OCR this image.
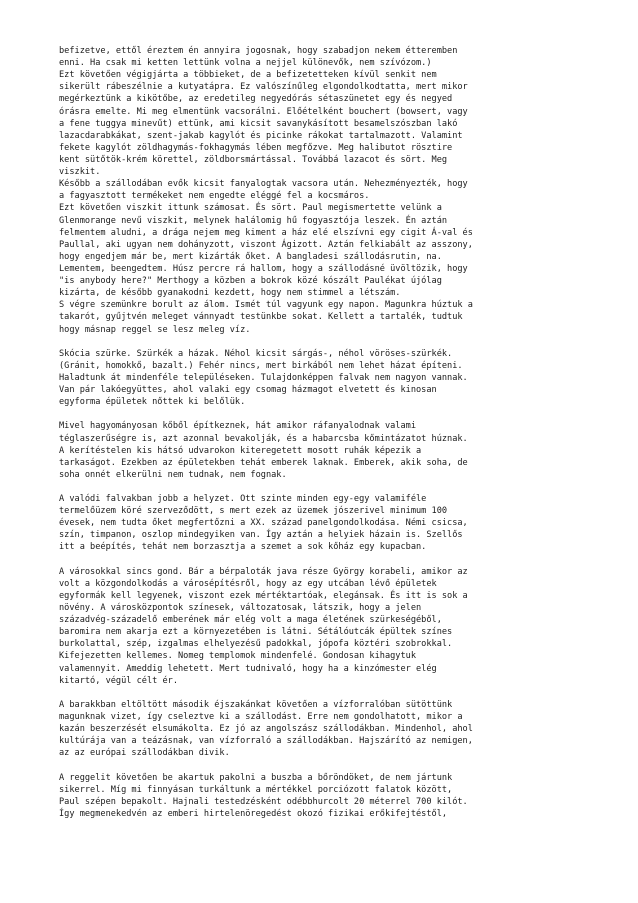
befizetve, ettől éreztem én annyira jogosnak, hogy szabadjon nekem étteremben
enni. Ha csak mi ketten lettünk volna a nejjel különevők, nem szívózom.)
Ezt követően végigjárta a többieket, de a befizetetteken kívül senkit nem
sikerült rábeszélnie a kutyatápra. Ez valószínűleg elgondolkodtatta, mert mikor
megérkeztünk a kikötőbe, az eredetileg negyedórás sétaszünetet egy és negyed
órásra emelte. Mi meg elmentünk vacsorálni. Előételként bouchert (bowsert, vagy
a fene tuggya minevűt) ettünk, ami kicsit savanykásított besamelszószban lakó
lazacdarabkákat, szent-jakab kagylót és picinke rákokat tartalmazott. Valamint
fekete kagylót zöldhagymás-fokhagymás lében megfőzve. Meg halibutot rösztire
kent sütőtök-krém körettel, zöldborsmártással. Továbbá lazacot és sört. Meg
viszkit.
Később a szállodában evők kicsit fanyalogtak vacsora után. Nehezményezték, hogy
a fagyasztott termékeket nem engedte eléggé fel a kocsmáros.
Ezt követően viszkit ittunk számosat. És sört. Paul megismertette velünk a
Glenmorange nevű viszkit, melynek halálomig hű fogyasztója leszek. Én aztán
felmentem aludni, a drága nejem meg kiment a ház elé elszívni egy cigit Á-val és
Paullal, aki ugyan nem dohányzott, viszont Ágizott. Aztán felkiabált az asszony,
hogy engedjem már be, mert kizárták őket. A bangladesi szállodásrutin, na.
Lementem, beengedtem. Húsz percre rá hallom, hogy a szállodásné üvöltözik, hogy
"is anybody here?" Merthogy a közben a bokrok közé kószált Paulékat újólag
kizárta, de később gyanakodni kezdett, hogy nem stimmel a létszám.
S végre szemünkre borult az álom. Ismét túl vagyunk egy napon. Magunkra húztuk a
takarót, gyűjtvén meleget vánnyadt testünkbe sokat. Kellett a tartalék, tudtuk
hogy másnap reggel se lesz meleg víz.
Skócia szürke. Szürkék a házak. Néhol kicsit sárgás-, néhol vöröses-szürkék.
(Gránit, homokkő, bazalt.) Fehér nincs, mert birkából nem lehet házat építeni.
Haladtunk át mindenféle településeken. Tulajdonképpen falvak nem nagyon vannak.
Van pár lakóegyüttes, ahol valaki egy csomag házmagot elvetett és kinosan
egyforma épületek nőttek ki belőlük.
Mivel hagyományosan kőből építkeznek, hát amikor ráfanyalodnak valami
téglaszerűségre is, azt azonnal bevakolják, és a habarcsba kőmintázatot húznak.
A kerítéstelen kis hátsó udvarokon kiteregetett mosott ruhák képezik a
tarkaságot. Ezekben az épületekben tehát emberek laknak. Emberek, akik soha, de
soha onnét elkerülni nem tudnak, nem fognak.
A valódi falvakban jobb a helyzet. Ott szinte minden egy-egy valamiféle
termelőüzem köré szerveződött, s mert ezek az üzemek jószerivel minimum 100
évesek, nem tudta őket megfertőzni a XX. század panelgondolkodása. Némi csicsa,
szín, timpanon, oszlop mindegyiken van. Így aztán a helyiek házain is. Szellős
itt a beépítés, tehát nem borzasztja a szemet a sok kőház egy kupacban.
A városokkal sincs gond. Bár a bérpaloták java része György korabeli, amikor az
volt a közgondolkodás a városépítésről, hogy az egy utcában lévő épületek
egyformák kell legyenek, viszont ezek mértéktartóak, elegánsak. És itt is sok a
növény. A városközpontok színesek, változatosak, látszik, hogy a jelen
századvég-századelő emberének már elég volt a maga életének szürkeségéből,
baromira nem akarja ezt a környezetében is látni. Sétálóutcák épültek színes
burkolattal, szép, izgalmas elhelyezésű padokkal, jópofa köztéri szobrokkal.
Kifejezetten kellemes. Nomeg templomok mindenfelé. Gondosan kihagytuk
valamennyit. Ameddig lehetett. Mert tudnivaló, hogy ha a kinzómester elég
kitartó, végül célt ér.
A barakkban eltöltött második éjszakánkat követően a vízforralóban sütöttünk
magunknak vizet, így cseleztve ki a szállodást. Erre nem gondolhatott, mikor a
kazán beszerzését elsumákolta. Ez jó az angolszász szállodákban. Mindenhol, ahol
kultúrája van a teázásnak, van vízforraló a szállodákban. Hajszárító az nemigen,
az az európai szállodákban divik.
A reggelit követően be akartuk pakolni a buszba a bőröndöket, de nem jártunk
sikerrel. Míg mi finnyásan turkáltunk a mértékkel porciózott falatok között,
Paul szépen bepakolt. Hajnali testedzésként odébbhurcolt 20 méterrel 700 kilót.
Így megmenekedvén az emberi hirtelenöregedést okozó fizikai erőkifejtéstől,
